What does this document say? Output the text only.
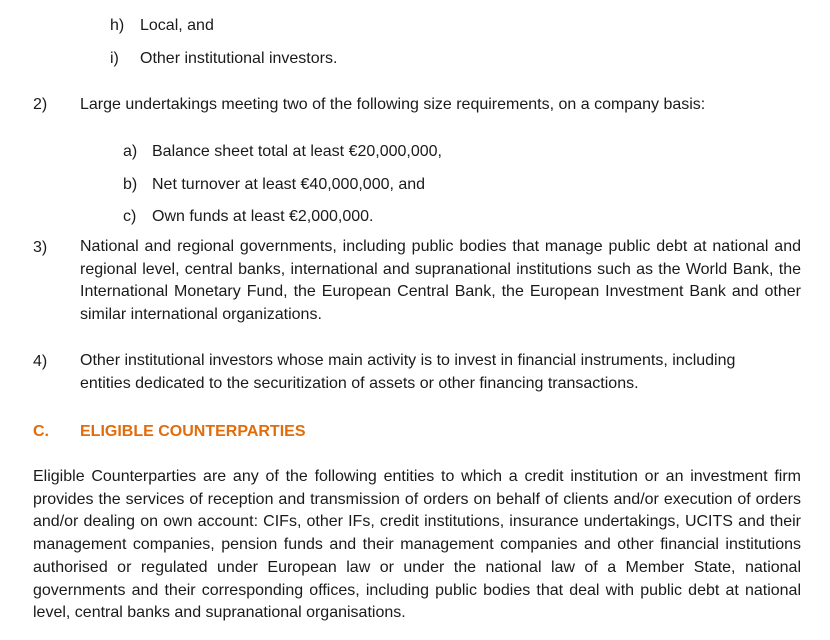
h) Local, and
i) Other institutional investors.
2) Large undertakings meeting two of the following size requirements, on a company basis:
a) Balance sheet total at least €20,000,000,
b) Net turnover at least €40,000,000, and
c) Own funds at least €2,000,000.
3) National and regional governments, including public bodies that manage public debt at national and regional level, central banks, international and supranational institutions such as the World Bank, the International Monetary Fund, the European Central Bank, the European Investment Bank and other similar international organizations.
4) Other institutional investors whose main activity is to invest in financial instruments, including entities dedicated to the securitization of assets or other financing transactions.
C. ELIGIBLE COUNTERPARTIES
Eligible Counterparties are any of the following entities to which a credit institution or an investment firm provides the services of reception and transmission of orders on behalf of clients and/or execution of orders and/or dealing on own account: CIFs, other IFs, credit institutions, insurance undertakings, UCITS and their management companies, pension funds and their management companies and other financial institutions authorised or regulated under European law or under the national law of a Member State, national governments and their corresponding offices, including public bodies that deal with public debt at national level, central banks and supranational organisations.
